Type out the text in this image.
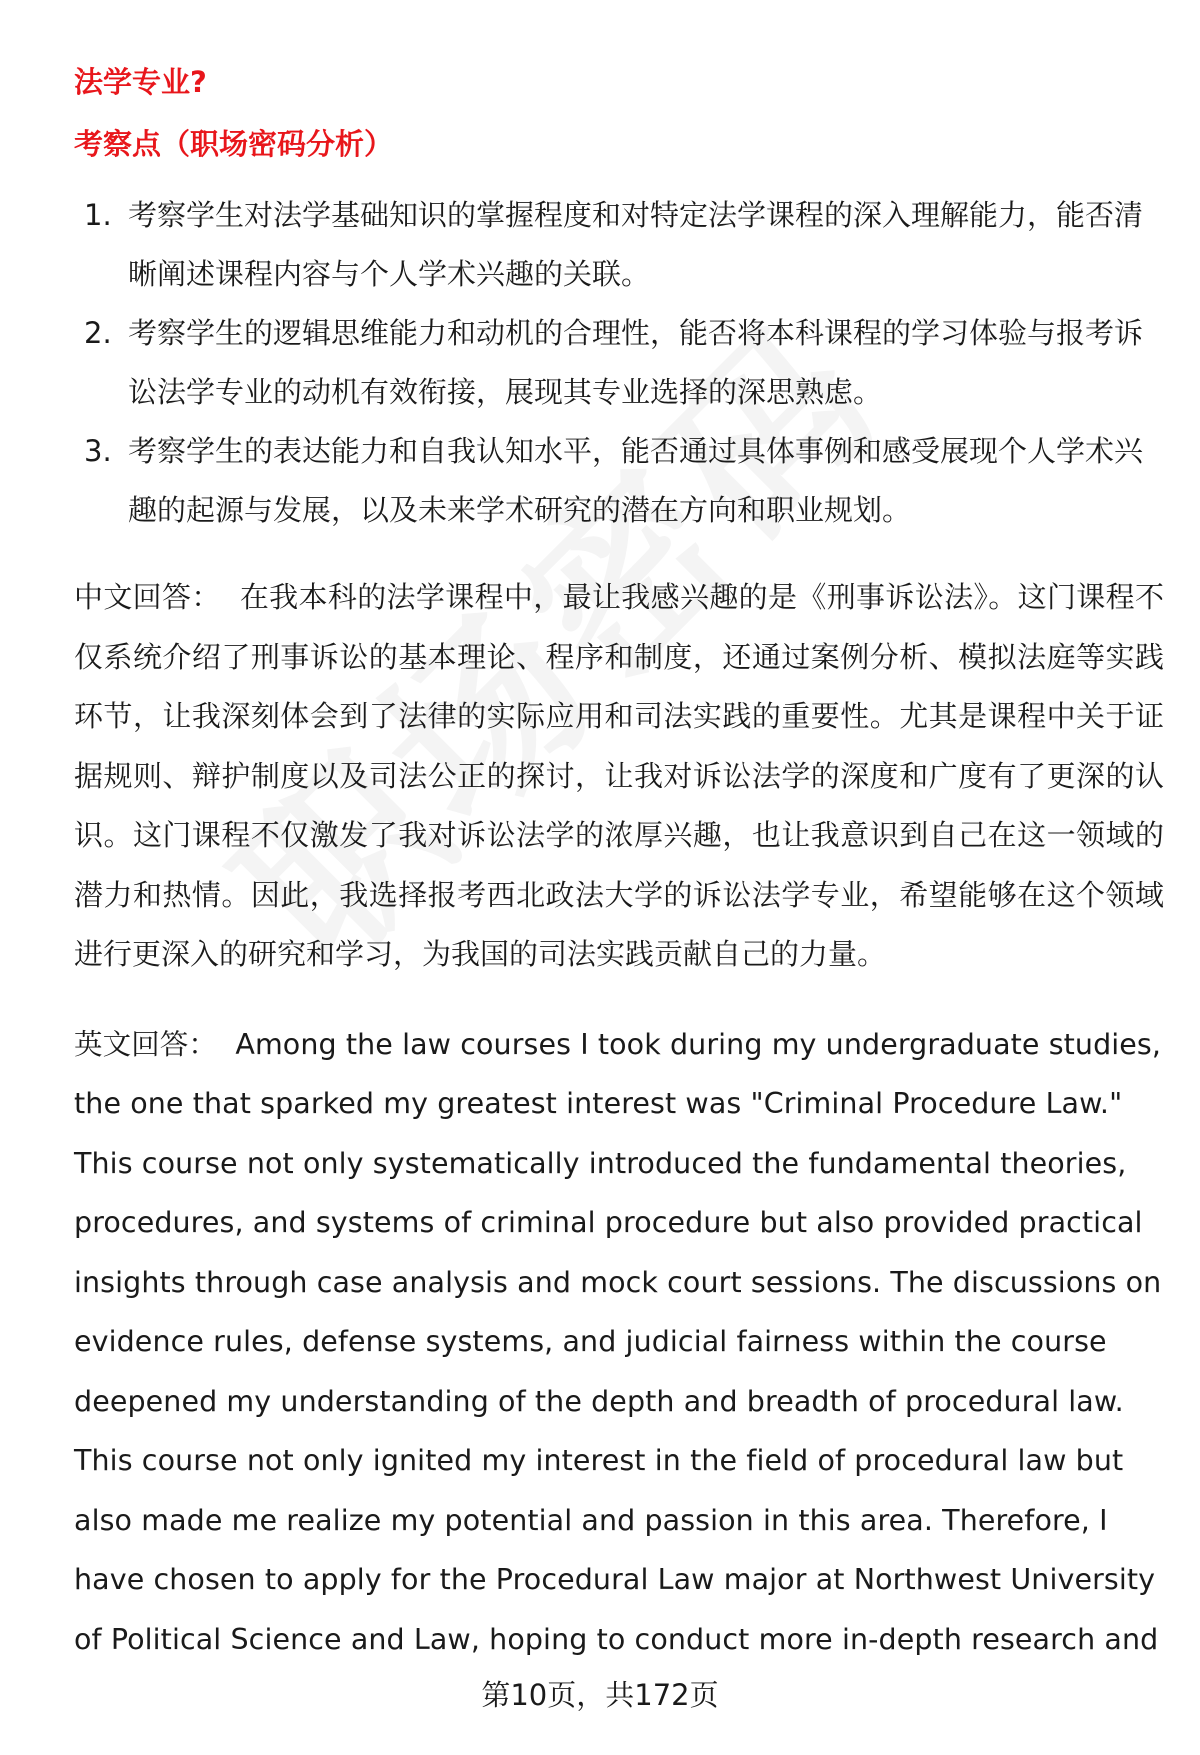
法学专业?

考察点（职场密码分析）

1. 考察学生对法学基础知识的掌握程度和对特定法学课程的深入理解能力，能否清晰阐述课程内容与个人学术兴趣的关联。
2. 考察学生的逻辑思维能力和动机的合理性，能否将本科课程的学习体验与报考诉讼法学专业的动机有效衔接，展现其专业选择的深思熟虑。
3. 考察学生的表达能力和自我认知水平，能否通过具体事例和感受展现个人学术兴趣的起源与发展，以及未来学术研究的潜在方向和职业规划。
中文回答： 在我本科的法学课程中，最让我感兴趣的是《刑事诉讼法》。这门课程不仅系统介绍了刑事诉讼的基本理论、程序和制度，还通过案例分析、模拟法庭等实践环节，让我深刻体会到了法律的实际应用和司法实践的重要性。尤其是课程中关于证据规则、辩护制度以及司法公正的探讨，让我对诉讼法学的深度和广度有了更深的认识。这门课程不仅激发了我对诉讼法学的浓厚兴趣，也让我意识到自己在这一领域的潜力和热情。因此，我选择报考西北政法大学的诉讼法学专业，希望能够在这个领域进行更深入的研究和学习，为我国的司法实践贡献自己的力量。
英文回答： Among the law courses I took during my undergraduate studies, the one that sparked my greatest interest was "Criminal Procedure Law." This course not only systematically introduced the fundamental theories, procedures, and systems of criminal procedure but also provided practical insights through case analysis and mock court sessions. The discussions on evidence rules, defense systems, and judicial fairness within the course deepened my understanding of the depth and breadth of procedural law. This course not only ignited my interest in the field of procedural law but also made me realize my potential and passion in this area. Therefore, I have chosen to apply for the Procedural Law major at Northwest University of Political Science and Law, hoping to conduct more in-depth research and
第10页，共172页
